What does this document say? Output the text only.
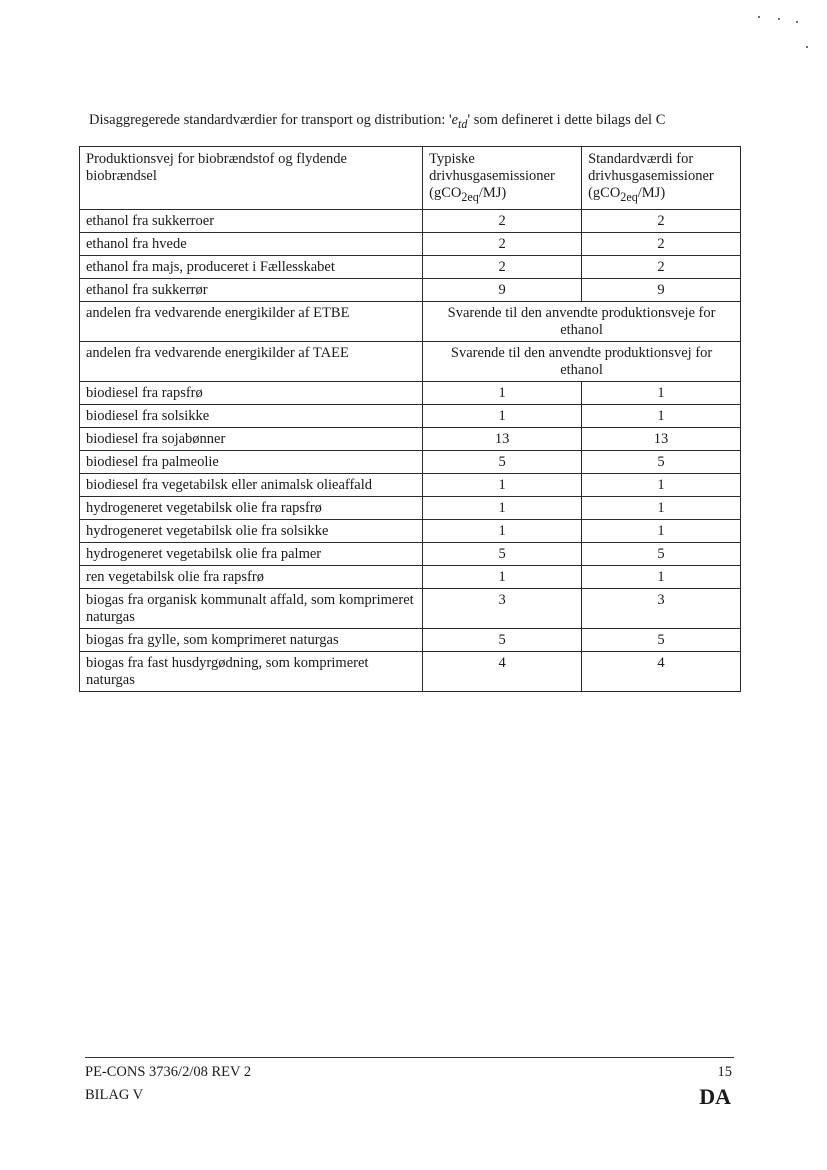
Disaggregerede standardværdier for transport og distribution: '$e_{td}$' som defineret i dette bilags del C
Produktionsvej for biobrændstof og flydende biobrændsel	Typiske drivhusgasemissioner (gCO$_{2eq}$/MJ)	Standardværdi for drivhusgasemissioner (gCO$_{2eq}$/MJ)
ethanol fra sukkerroer	2	2
ethanol fra hvede	2	2
ethanol fra majs, produceret i Fællesskabet	2	2
ethanol fra sukkerrør	9	9
andelen fra vedvarende energikilder af ETBE	Svarende til den anvendte produktionsveje for ethanol	
andelen fra vedvarende energikilder af TAEE	Svarende til den anvendte produktionsvej for ethanol	
biodiesel fra rapsfrø	1	1
biodiesel fra solsikke	1	1
biodiesel fra sojabønner	13	13
biodiesel fra palmeolie	5	5
biodiesel fra vegetabilsk eller animalsk olieaffald	1	1
hydrogeneret vegetabilsk olie fra rapsfrø	1	1
hydrogeneret vegetabilsk olie fra solsikke	1	1
hydrogeneret vegetabilsk olie fra palmer	5	5
ren vegetabilsk olie fra rapsfrø	1	1
biogas fra organisk kommunalt affald, som komprimeret naturgas	3	3
biogas fra gylle, som komprimeret naturgas	5	5
biogas fra fast husdyrgødning, som komprimeret naturgas	4	4
PE-CONS 3736/2/08 REV 2	15
BILAG V	DA
